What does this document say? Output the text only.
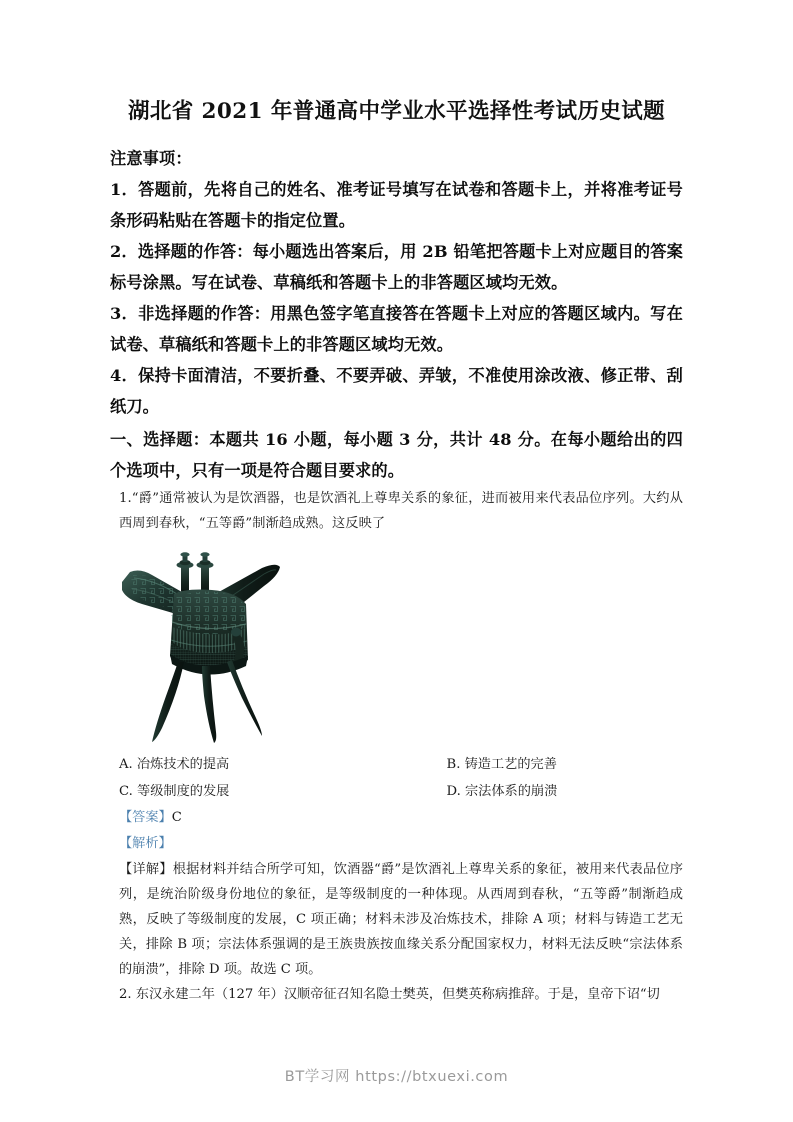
湖北省 2021 年普通高中学业水平选择性考试历史试题

注意事项：

1．答题前，先将自己的姓名、准考证号填写在试卷和答题卡上，并将准考证号条形码粘贴在答题卡的指定位置。

2．选择题的作答：每小题选出答案后，用 2B 铅笔把答题卡上对应题目的答案标号涂黑。写在试卷、草稿纸和答题卡上的非答题区域均无效。

3．非选择题的作答：用黑色签字笔直接答在答题卡上对应的答题区域内。写在试卷、草稿纸和答题卡上的非答题区域均无效。

4．保持卡面清洁，不要折叠、不要弄破、弄皱，不准使用涂改液、修正带、刮纸刀。

一、选择题：本题共 16 小题，每小题 3 分，共计 48 分。在每小题给出的四个选项中，只有一项是符合题目要求的。

1.“爵”通常被认为是饮酒器，也是饮酒礼上尊卑关系的象征，进而被用来代表品位序列。大约从西周到春秋，“五等爵”制渐趋成熟。这反映了

A. 冶炼技术的提高	B. 铸造工艺的完善
C. 等级制度的发展	D. 宗法体系的崩溃

【答案】C

【解析】

【详解】根据材料并结合所学可知，饮酒器“爵”是饮酒礼上尊卑关系的象征，被用来代表品位序列，是统治阶级身份地位的象征，是等级制度的一种体现。从西周到春秋，“五等爵”制渐趋成熟，反映了等级制度的发展，C 项正确；材料未涉及冶炼技术，排除 A 项；材料与铸造工艺无关，排除 B 项；宗法体系强调的是王族贵族按血缘关系分配国家权力，材料无法反映“宗法体系的崩溃”，排除 D 项。故选 C 项。

2. 东汉永建二年（127 年）汉顺帝征召知名隐士樊英，但樊英称病推辞。于是，皇帝下诏“切

BT学习网 https://btxuexi.com
